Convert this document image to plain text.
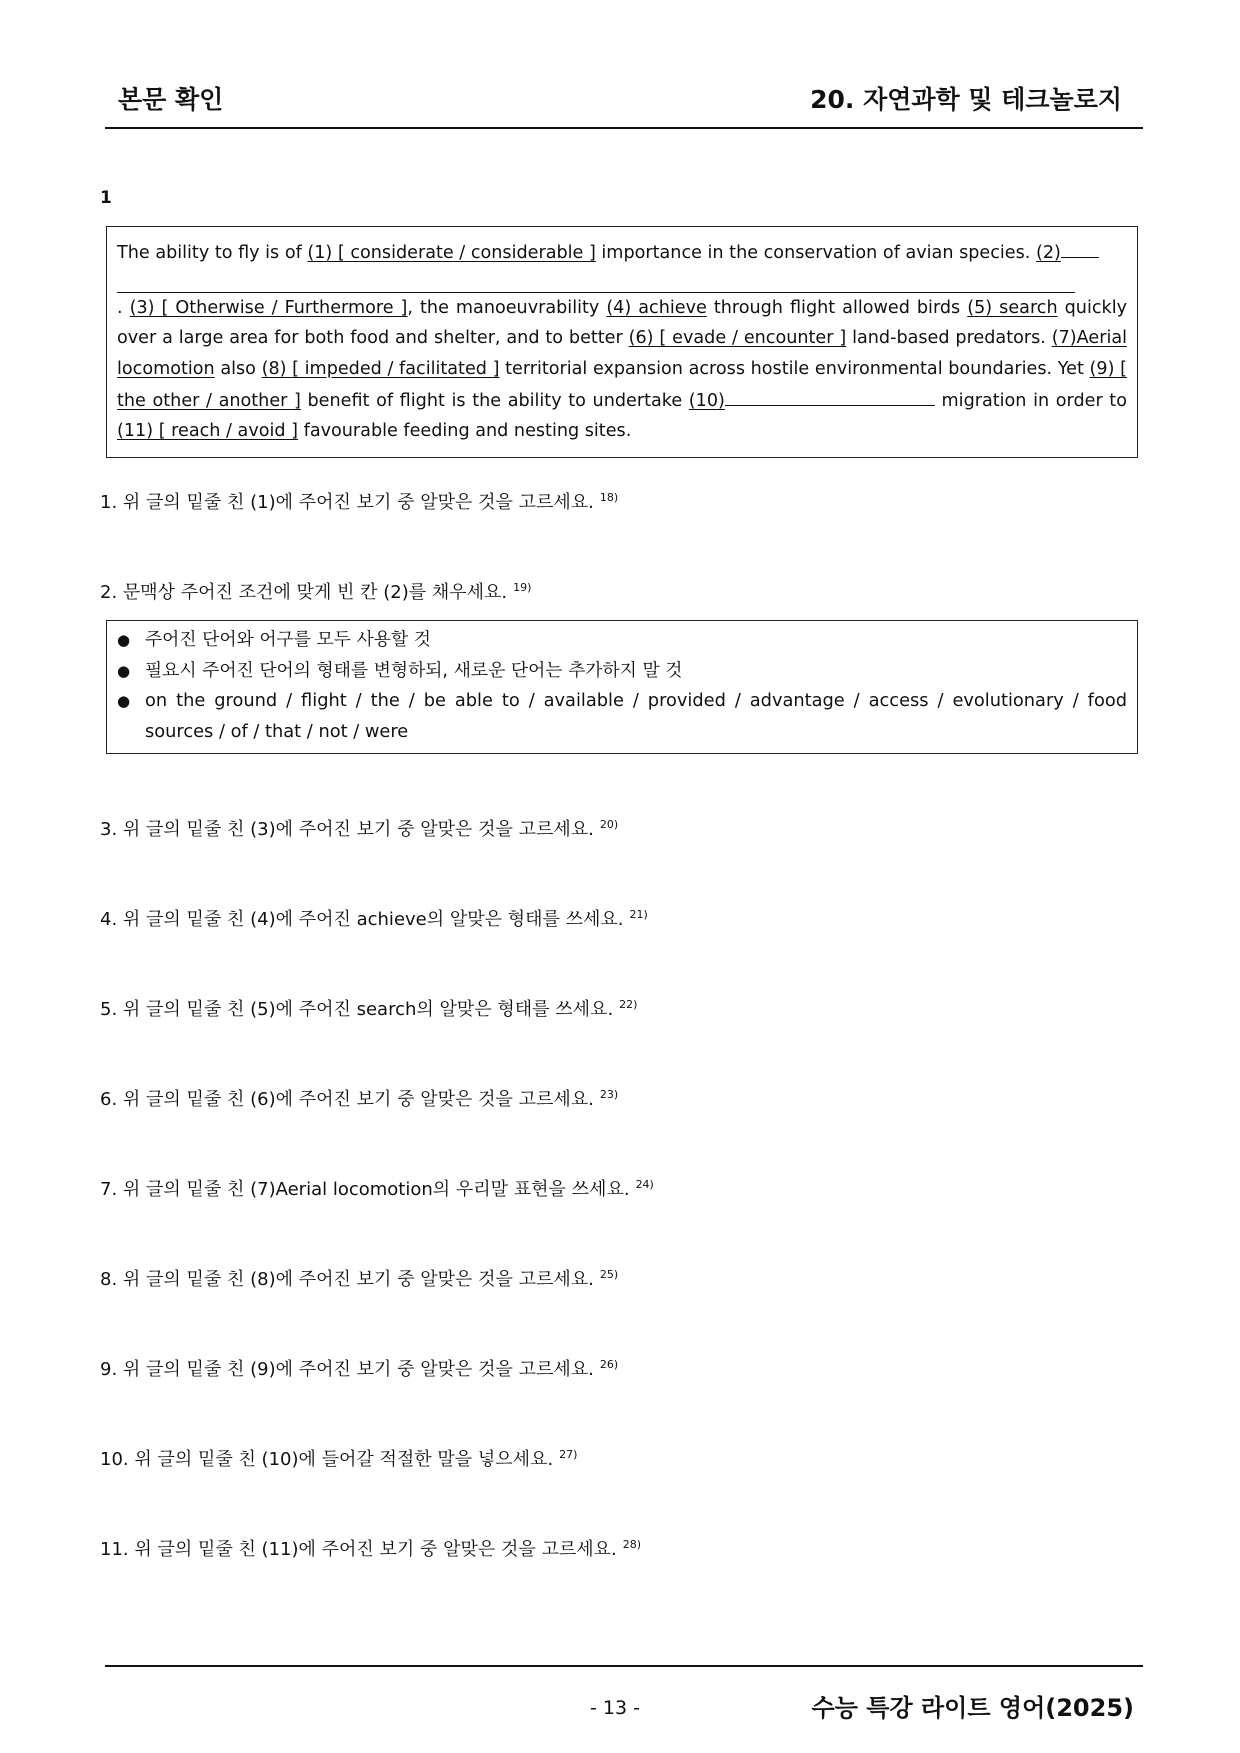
본문 확인	20. 자연과학 및 테크놀로지
1

The ability to fly is of (1) [ considerate / considerable ] importance in the conservation of avian species. (2)
. (3) [ Otherwise / Furthermore ], the manoeuvrability (4) achieve through flight allowed birds (5) search quickly over a large area for both food and shelter, and to better (6) [ evade / encounter ] land-based predators. (7)Aerial locomotion also (8) [ impeded / facilitated ] territorial expansion across hostile environmental boundaries. Yet (9) [ the other / another ] benefit of flight is the ability to undertake (10)	migration in order to (11) [ reach / avoid ] favourable feeding and nesting sites.

1. 위 글의 밑줄 친 (1)에 주어진 보기 중 알맞은 것을 고르세요. $^{18)}$
2. 문맥상 주어진 조건에 맞게 빈 칸 (2)를 채우세요. $^{19)}$
● 주어진 단어와 어구를 모두 사용할 것
● 필요시 주어진 단어의 형태를 변형하되, 새로운 단어는 추가하지 말 것
● on the ground / flight / the / be able to / available / provided / advantage / access / evolutionary / food sources / of / that / not / were
3. 위 글의 밑줄 친 (3)에 주어진 보기 중 알맞은 것을 고르세요. $^{20)}$
4. 위 글의 밑줄 친 (4)에 주어진 achieve의 알맞은 형태를 쓰세요. $^{21)}$
5. 위 글의 밑줄 친 (5)에 주어진 search의 알맞은 형태를 쓰세요. $^{22)}$
6. 위 글의 밑줄 친 (6)에 주어진 보기 중 알맞은 것을 고르세요. $^{23)}$
7. 위 글의 밑줄 친 (7)Aerial locomotion의 우리말 표현을 쓰세요. $^{24)}$
8. 위 글의 밑줄 친 (8)에 주어진 보기 중 알맞은 것을 고르세요. $^{25)}$
9. 위 글의 밑줄 친 (9)에 주어진 보기 중 알맞은 것을 고르세요. $^{26)}$
10. 위 글의 밑줄 친 (10)에 들어갈 적절한 말을 넣으세요. $^{27)}$
11. 위 글의 밑줄 친 (11)에 주어진 보기 중 알맞은 것을 고르세요. $^{28)}$
- 13 -	수능 특강 라이트 영어(2025)
